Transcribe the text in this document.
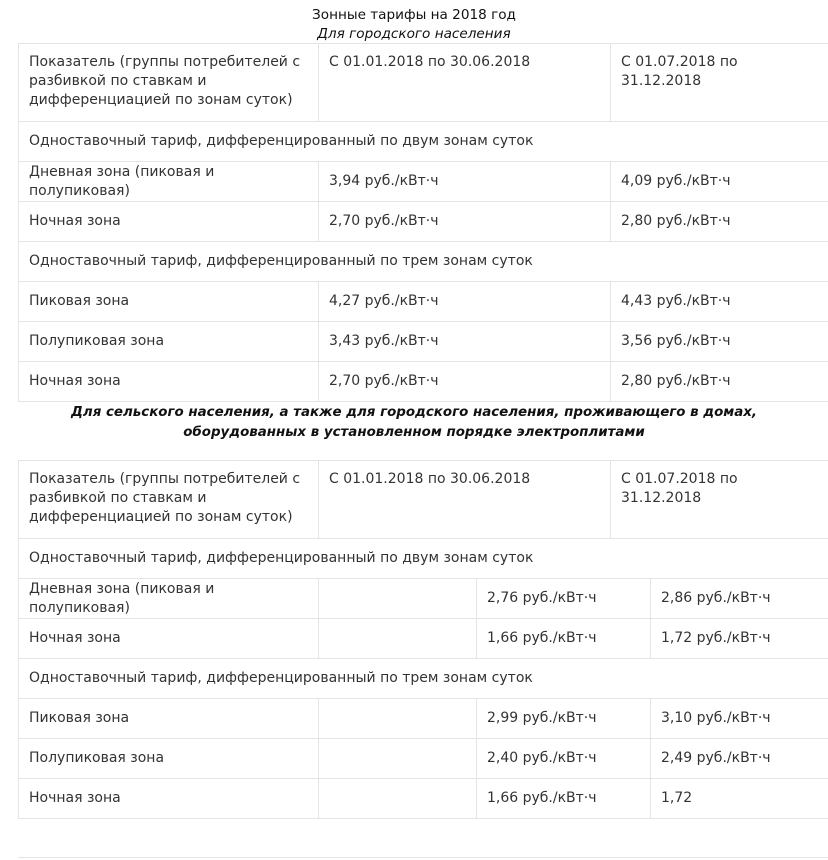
Зонные тарифы на 2018 год
Для городского населения
Показатель (группы потребителей с разбивкой по ставкам и дифференциацией по зонам суток)	С 01.01.2018 по 30.06.2018	С 01.07.2018 по 31.12.2018
Одноставочный тариф, дифференцированный по двум зонам суток		
Дневная зона (пиковая и полупиковая)	3,94 руб./кВт·ч	4,09 руб./кВт·ч
Ночная зона	2,70 руб./кВт·ч	2,80 руб./кВт·ч
Одноставочный тариф, дифференцированный по трем зонам суток		
Пиковая зона	4,27 руб./кВт·ч	4,43 руб./кВт·ч
Полупиковая зона	3,43 руб./кВт·ч	3,56 руб./кВт·ч
Ночная зона	2,70 руб./кВт·ч	2,80 руб./кВт·ч
Для сельского населения, а также для городского населения, проживающего в домах, оборудованных в установленном порядке электроплитами
Показатель (группы потребителей с разбивкой по ставкам и дифференциацией по зонам суток)	С 01.01.2018 по 30.06.2018		С 01.07.2018 по 31.12.2018	
Одноставочный тариф, дифференцированный по двум зонам суток				
Дневная зона (пиковая и полупиковая)		2,76 руб./кВт·ч		2,86 руб./кВт·ч
Ночная зона		1,66 руб./кВт·ч		1,72 руб./кВт·ч
Одноставочный тариф, дифференцированный по трем зонам суток				
Пиковая зона		2,99 руб./кВт·ч		3,10 руб./кВт·ч
Полупиковая зона		2,40 руб./кВт·ч		2,49 руб./кВт·ч
Ночная зона		1,66 руб./кВт·ч		1,72
